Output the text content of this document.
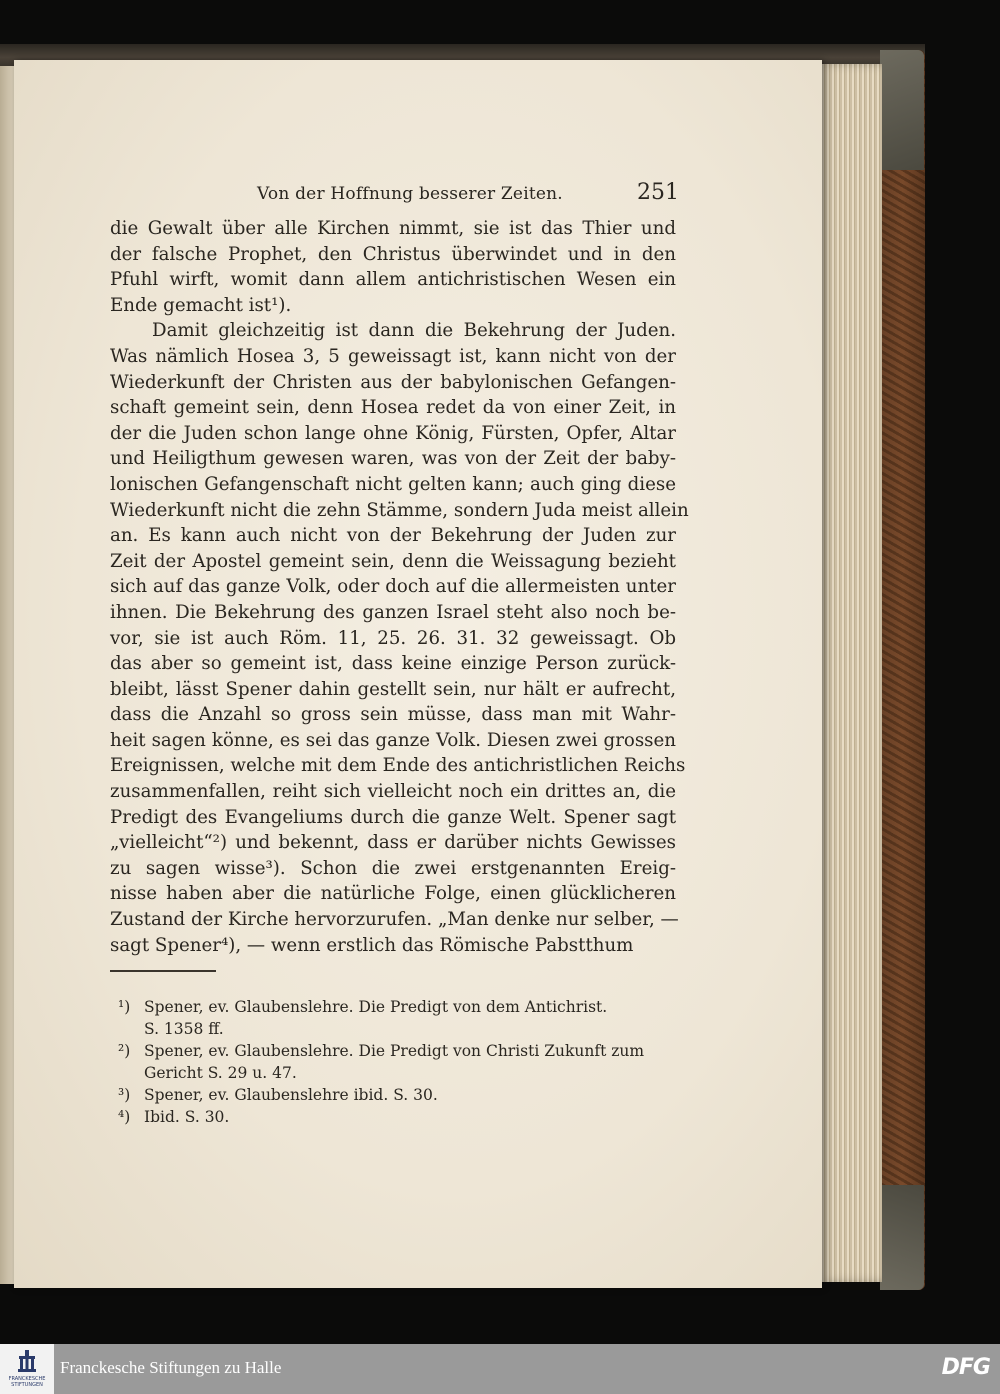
Von der Hoffnung besserer Zeiten.	251
die Gewalt über alle Kirchen nimmt, sie ist das Thier und
der falsche Prophet, den Christus überwindet und in den
Pfuhl wirft, womit dann allem antichristischen Wesen ein
Ende gemacht ist¹).
Damit gleichzeitig ist dann die Bekehrung der Juden.
Was nämlich Hosea 3, 5 geweissagt ist, kann nicht von der
Wiederkunft der Christen aus der babylonischen Gefangen-
schaft gemeint sein, denn Hosea redet da von einer Zeit, in
der die Juden schon lange ohne König, Fürsten, Opfer, Altar
und Heiligthum gewesen waren, was von der Zeit der baby-
lonischen Gefangenschaft nicht gelten kann; auch ging diese
Wiederkunft nicht die zehn Stämme, sondern Juda meist allein
an. Es kann auch nicht von der Bekehrung der Juden zur
Zeit der Apostel gemeint sein, denn die Weissagung bezieht
sich auf das ganze Volk, oder doch auf die allermeisten unter
ihnen. Die Bekehrung des ganzen Israel steht also noch be-
vor, sie ist auch Röm. 11, 25. 26. 31. 32 geweissagt. Ob
das aber so gemeint ist, dass keine einzige Person zurück-
bleibt, lässt Spener dahin gestellt sein, nur hält er aufrecht,
dass die Anzahl so gross sein müsse, dass man mit Wahr-
heit sagen könne, es sei das ganze Volk. Diesen zwei grossen
Ereignissen, welche mit dem Ende des antichristlichen Reichs
zusammenfallen, reiht sich vielleicht noch ein drittes an, die
Predigt des Evangeliums durch die ganze Welt. Spener sagt
„vielleicht“²) und bekennt, dass er darüber nichts Gewisses
zu sagen wisse³). Schon die zwei erstgenannten Ereig-
nisse haben aber die natürliche Folge, einen glücklicheren
Zustand der Kirche hervorzurufen. „Man denke nur selber, —
sagt Spener⁴), — wenn erstlich das Römische Pabstthum
¹) Spener, ev. Glaubenslehre. Die Predigt von dem Antichrist.
S. 1358 ff.
²) Spener, ev. Glaubenslehre. Die Predigt von Christi Zukunft zum
Gericht S. 29 u. 47.
³) Spener, ev. Glaubenslehre ibid. S. 30.
⁴) Ibid. S. 30.
FRANCKESCHE STIFTUNGEN
Franckesche Stiftungen zu Halle	DFG
